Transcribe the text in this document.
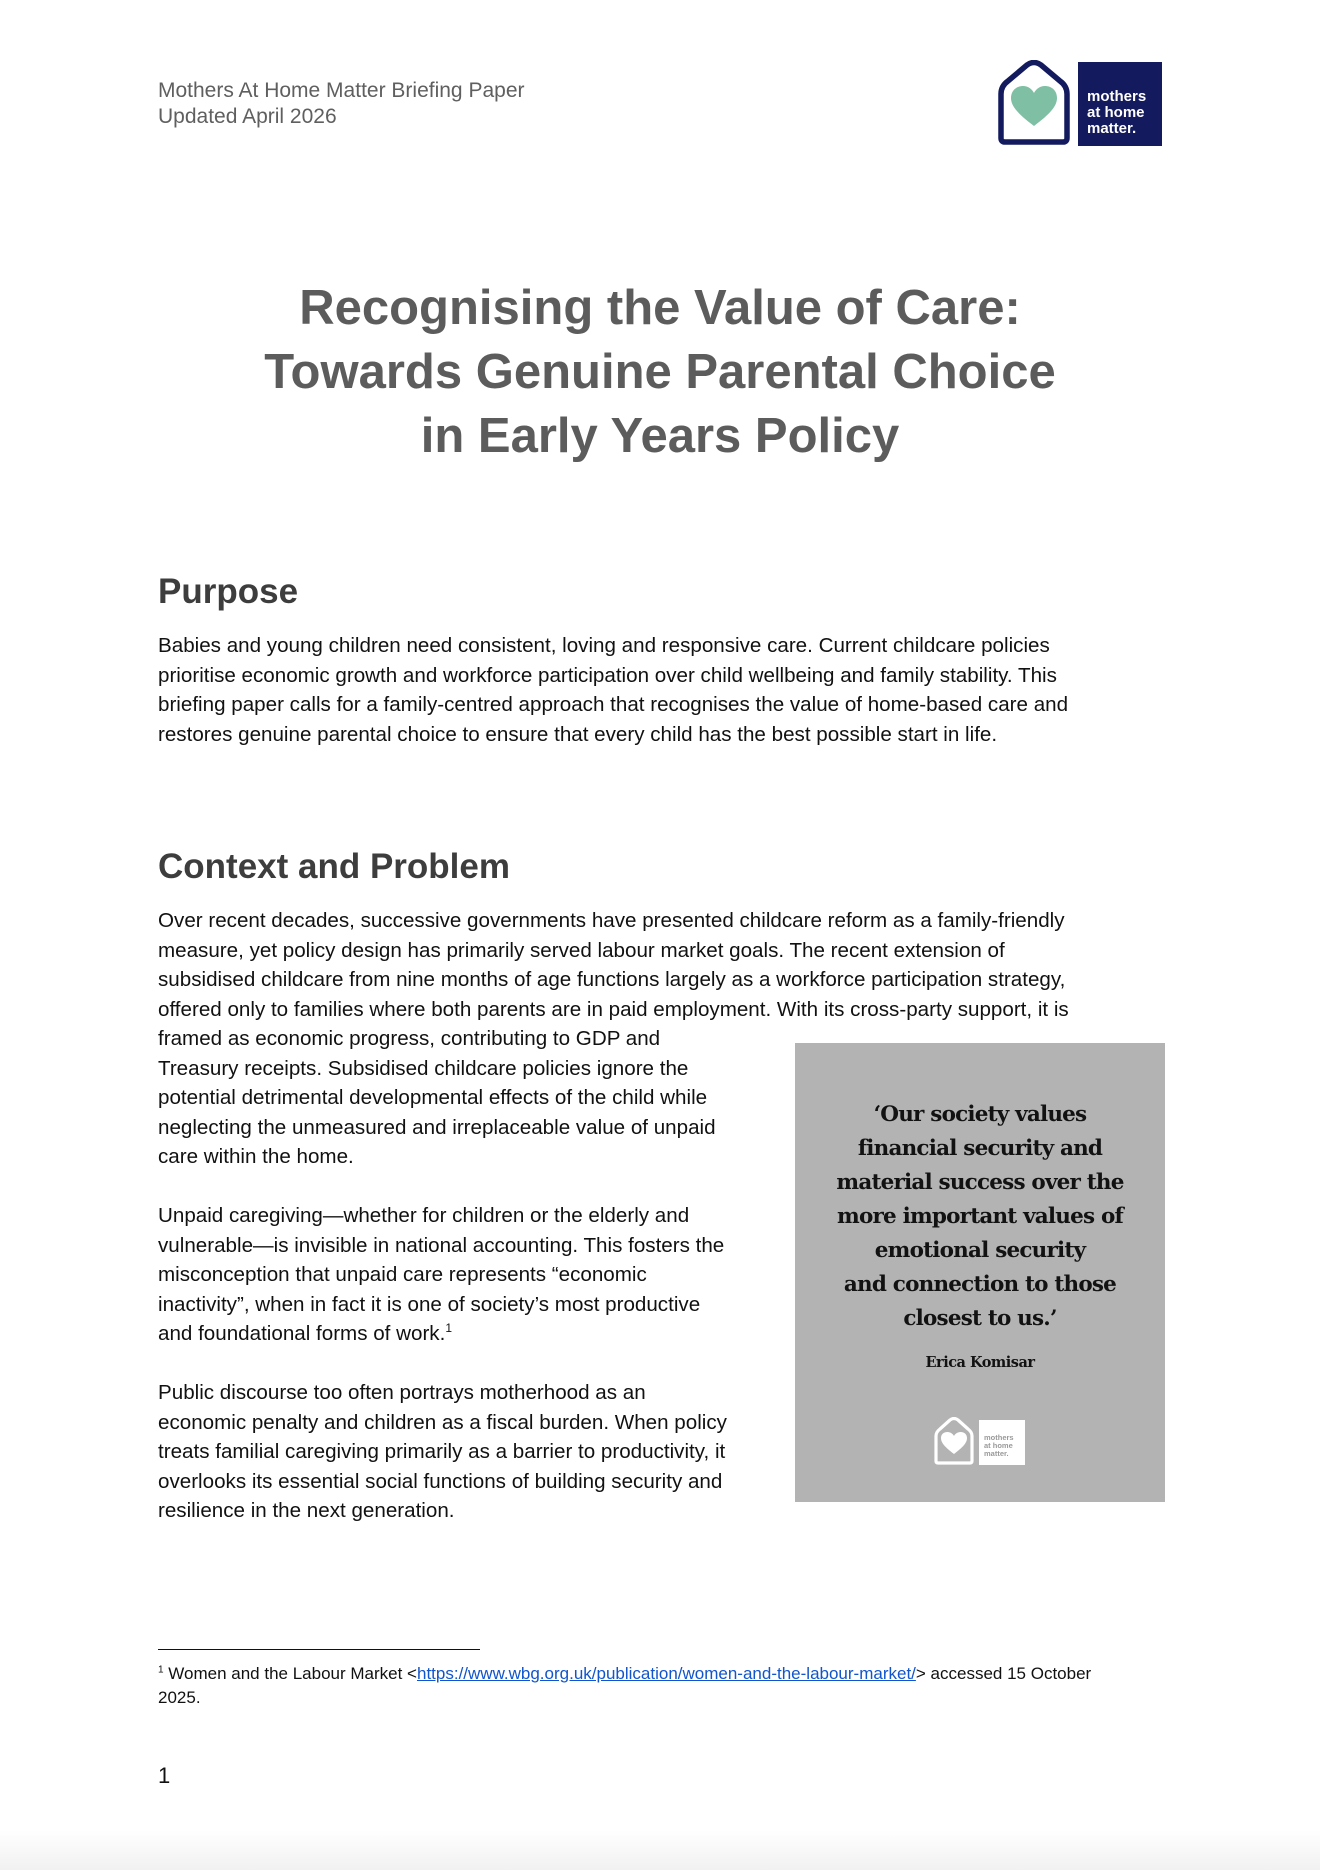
Mothers At Home Matter Briefing Paper
Updated April 2026
mothers
at home
matter.
Recognising the Value of Care:
Towards Genuine Parental Choice
in Early Years Policy
Purpose
Babies and young children need consistent, loving and responsive care. Current childcare policies
prioritise economic growth and workforce participation over child wellbeing and family stability. This
briefing paper calls for a family-centred approach that recognises the value of home-based care and
restores genuine parental choice to ensure that every child has the best possible start in life.
Context and Problem
Over recent decades, successive governments have presented childcare reform as a family-friendly
measure, yet policy design has primarily served labour market goals. The recent extension of
subsidised childcare from nine months of age functions largely as a workforce participation strategy,
offered only to families where both parents are in paid employment. With its cross-party support, it is
framed as economic progress, contributing to GDP and
Treasury receipts. Subsidised childcare policies ignore the
potential detrimental developmental effects of the child while
neglecting the unmeasured and irreplaceable value of unpaid
care within the home.
Unpaid caregiving—whether for children or the elderly and
vulnerable—is invisible in national accounting. This fosters the
misconception that unpaid care represents “economic
inactivity”, when in fact it is one of society’s most productive
and foundational forms of work.$^1$
Public discourse too often portrays motherhood as an
economic penalty and children as a fiscal burden. When policy
treats familial caregiving primarily as a barrier to productivity, it
overlooks its essential social functions of building security and
resilience in the next generation.
‘Our society values
financial security and
material success over the
more important values of
emotional security
and connection to those
closest to us.’
Erica Komisar
mothers
at home
matter.
$^1$ Women and the Labour Market <https://www.wbg.org.uk/publication/women-and-the-labour-market/> accessed 15 October
2025.
1
